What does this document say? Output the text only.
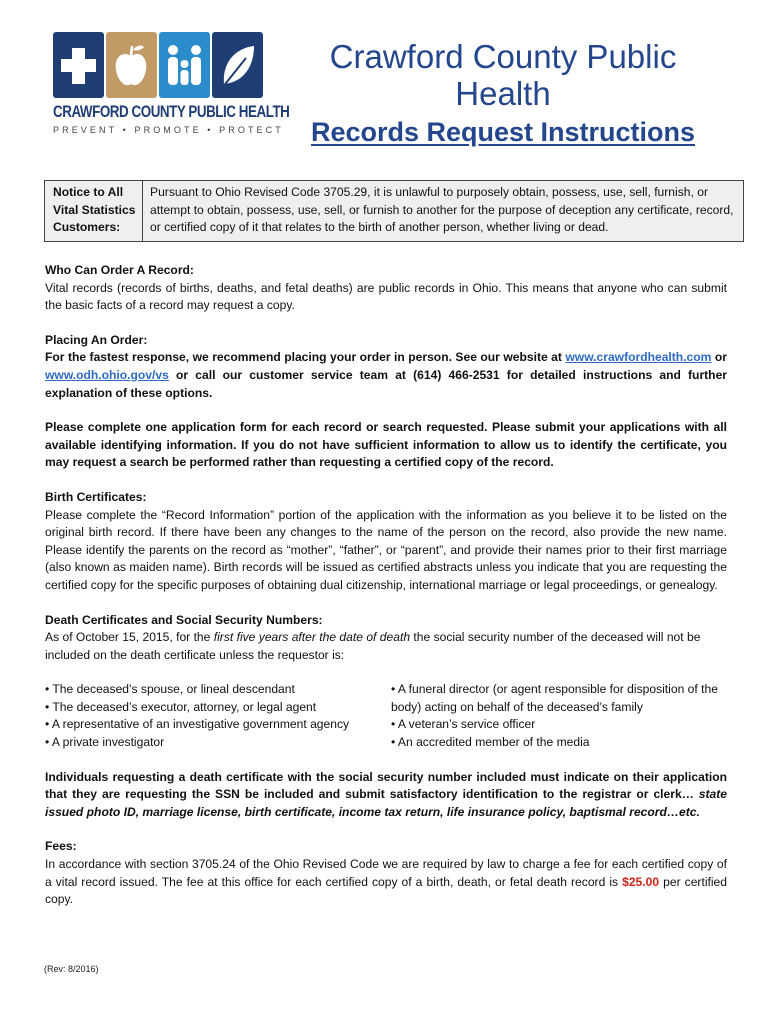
CRAWFORD COUNTY PUBLIC HEALTH
PREVENT • PROMOTE • PROTECT
Crawford County Public Health
Records Request Instructions
Notice to All
Vital Statistics
Customers:
Pursuant to Ohio Revised Code 3705.29, it is unlawful to purposely obtain, possess, use, sell, furnish, or attempt to obtain, possess, use, sell, or furnish to another for the purpose of deception any certificate, record, or certified copy of it that relates to the birth of another person, whether living or dead.

Who Can Order A Record:

Vital records (records of births, deaths, and fetal deaths) are public records in Ohio. This means that anyone who can submit the basic facts of a record may request a copy.

Placing An Order:

For the fastest response, we recommend placing your order in person. See our website at www.crawfordhealth.com or www.odh.ohio.gov/vs or call our customer service team at (614) 466-2531 for detailed instructions and further explanation of these options.

Please complete one application form for each record or search requested. Please submit your applications with all available identifying information. If you do not have sufficient information to allow us to identify the certificate, you may request a search be performed rather than requesting a certified copy of the record.

Birth Certificates:

Please complete the “Record Information” portion of the application with the information as you believe it to be listed on the original birth record. If there have been any changes to the name of the person on the record, also provide the new name. Please identify the parents on the record as “mother”, “father”, or “parent”, and provide their names prior to their first marriage (also known as maiden name). Birth records will be issued as certified abstracts unless you indicate that you are requesting the certified copy for the specific purposes of obtaining dual citizenship, international marriage or legal proceedings, or genealogy.

Death Certificates and Social Security Numbers:

As of October 15, 2015, for the first five years after the date of death the social security number of the deceased will not be included on the death certificate unless the requestor is:

• The deceased’s spouse, or lineal descendant
• The deceased’s executor, attorney, or legal agent
• A representative of an investigative government agency
• A private investigator
• A funeral director (or agent responsible for disposition of the body) acting on behalf of the deceased’s family
• A veteran’s service officer
• An accredited member of the media

Individuals requesting a death certificate with the social security number included must indicate on their application that they are requesting the SSN be included and submit satisfactory identification to the registrar or clerk… state issued photo ID, marriage license, birth certificate, income tax return, life insurance policy, baptismal record…etc.

Fees:

In accordance with section 3705.24 of the Ohio Revised Code we are required by law to charge a fee for each certified copy of a vital record issued. The fee at this office for each certified copy of a birth, death, or fetal death record is $25.00 per certified copy.

(Rev: 8/2016)
